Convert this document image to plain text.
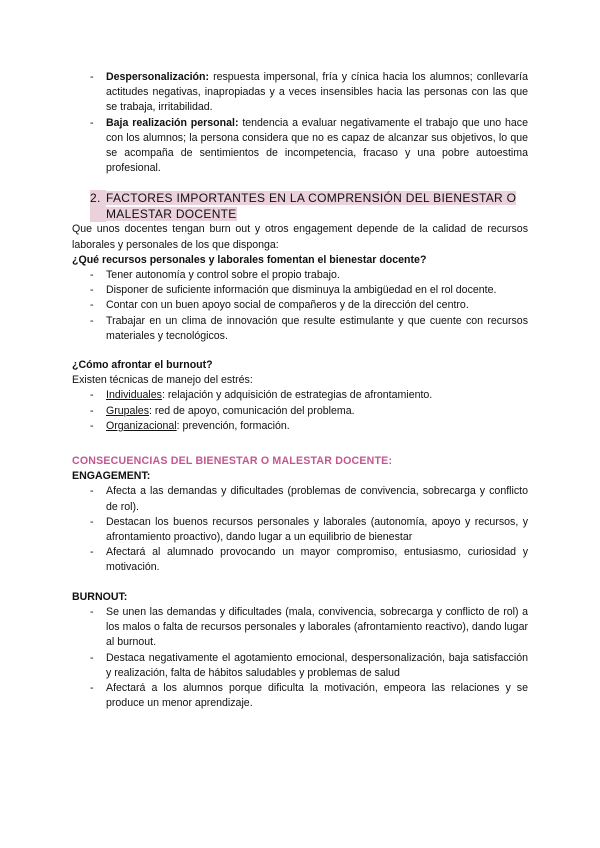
-	Despersonalización: respuesta impersonal, fría y cínica hacia los alumnos; conllevaría actitudes negativas, inapropiadas y a veces insensibles hacia las personas con las que se trabaja, irritabilidad.
-	Baja realización personal: tendencia a evaluar negativamente el trabajo que uno hace con los alumnos; la persona considera que no es capaz de alcanzar sus objetivos, lo que se acompaña de sentimientos de incompetencia, fracaso y una pobre autoestima profesional.
2. FACTORES IMPORTANTES EN LA COMPRENSIÓN DEL BIENESTAR O
MALESTAR DOCENTE
Que unos docentes tengan burn out y otros engagement depende de la calidad de recursos laborales y personales de los que disponga:
¿Qué recursos personales y laborales fomentan el bienestar docente?
-	Tener autonomía y control sobre el propio trabajo.
-	Disponer de suficiente información que disminuya la ambigüedad en el rol docente.
-	Contar con un buen apoyo social de compañeros y de la dirección del centro.
-	Trabajar en un clima de innovación que resulte estimulante y que cuente con recursos materiales y tecnológicos.
¿Cómo afrontar el burnout?
Existen técnicas de manejo del estrés:
-	Individuales: relajación y adquisición de estrategias de afrontamiento.
-	Grupales: red de apoyo, comunicación del problema.
-	Organizacional: prevención, formación.
CONSECUENCIAS DEL BIENESTAR O MALESTAR DOCENTE:
ENGAGEMENT:
-	Afecta a las demandas y dificultades (problemas de convivencia, sobrecarga y conflicto de rol).
-	Destacan los buenos recursos personales y laborales (autonomía, apoyo y recursos, y afrontamiento proactivo), dando lugar a un equilibrio de bienestar
-	Afectará al alumnado provocando un mayor compromiso, entusiasmo, curiosidad y motivación.
BURNOUT:
-	Se unen las demandas y dificultades (mala, convivencia, sobrecarga y conflicto de rol) a los malos o falta de recursos personales y laborales (afrontamiento reactivo), dando lugar al burnout.
-	Destaca negativamente el agotamiento emocional, despersonalización, baja satisfacción y realización, falta de hábitos saludables y problemas de salud
-	Afectará a los alumnos porque dificulta la motivación, empeora las relaciones y se produce un menor aprendizaje.
